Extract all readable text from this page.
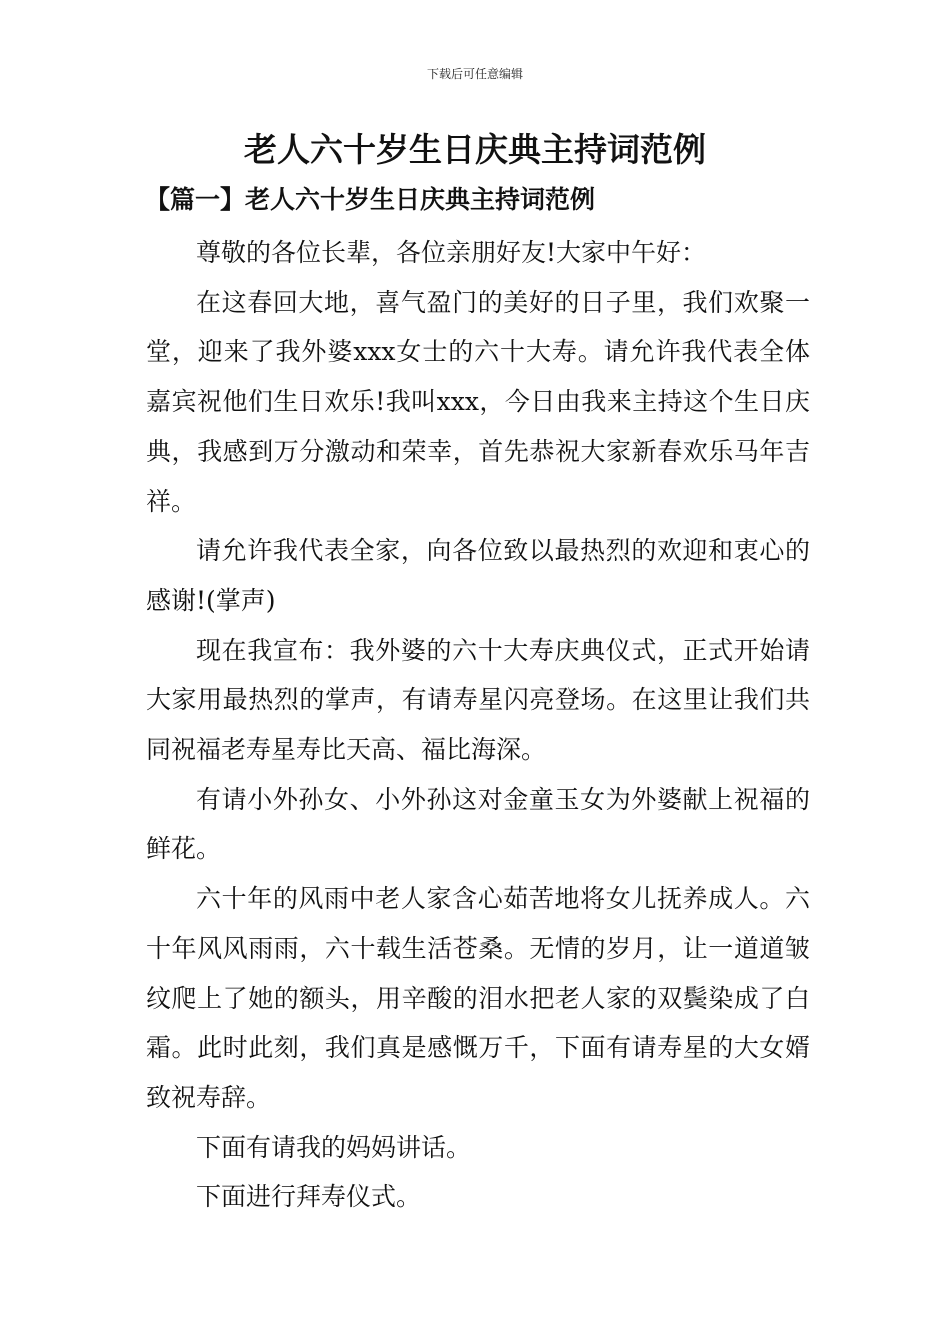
下载后可任意编辑
老人六十岁生日庆典主持词范例
【篇一】老人六十岁生日庆典主持词范例

尊敬的各位长辈，各位亲朋好友!大家中午好：

在这春回大地，喜气盈门的美好的日子里，我们欢聚一堂，迎来了我外婆xxx女士的六十大寿。请允许我代表全体嘉宾祝他们生日欢乐!我叫xxx，今日由我来主持这个生日庆典，我感到万分激动和荣幸，首先恭祝大家新春欢乐马年吉祥。

请允许我代表全家，向各位致以最热烈的欢迎和衷心的感谢!(掌声)

现在我宣布：我外婆的六十大寿庆典仪式，正式开始请大家用最热烈的掌声，有请寿星闪亮登场。在这里让我们共同祝福老寿星寿比天高、福比海深。

有请小外孙女、小外孙这对金童玉女为外婆献上祝福的鲜花。

六十年的风雨中老人家含心茹苦地将女儿抚养成人。六十年风风雨雨，六十载生活苍桑。无情的岁月，让一道道皱纹爬上了她的额头，用辛酸的泪水把老人家的双鬓染成了白霜。此时此刻，我们真是感慨万千，下面有请寿星的大女婿致祝寿辞。

下面有请我的妈妈讲话。

下面进行拜寿仪式。
